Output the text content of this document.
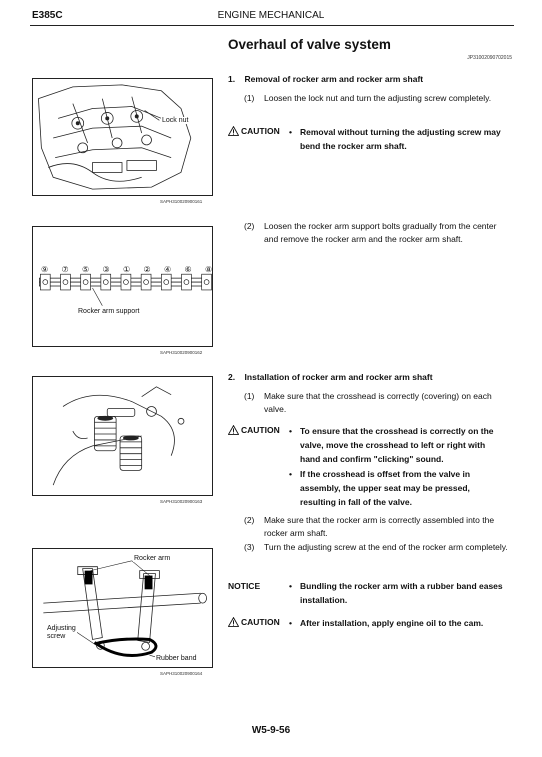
E385C	ENGINE MECHANICAL
Overhaul of valve system
JP31002090702015
Lock nut
SAPH310020900161
⑨ ⑦ ⑤ ③ ① ② ④ ⑥ ⑧
Rocker arm support
SAPH310020900162
SAPH310020900163
Rocker arm
Adjusting
screw
Rubber band
SAPH310020900164
1.    Removal of rocker arm and rocker arm shaft
(1) Loosen the lock nut and turn the adjusting screw completely.
CAUTION • Removal without turning the adjusting screw may bend the rocker arm shaft.
(2) Loosen the rocker arm support bolts gradually from the center and remove the rocker arm and the rocker arm shaft.
2.    Installation of rocker arm and rocker arm shaft
(1) Make sure that the crosshead is correctly (covering) on each valve.
CAUTION • To ensure that the crosshead is correctly on the valve, move the crosshead to left or right with hand and confirm "clicking" sound.
• If the crosshead is offset from the valve in assembly, the upper seat may be pressed, resulting in fall of the valve.
(2) Make sure that the rocker arm is correctly assembled into the rocker arm shaft.
(3) Turn the adjusting screw at the end of the rocker arm completely.
NOTICE	• Bundling the rocker arm with a rubber band eases installation.
CAUTION • After installation, apply engine oil to the cam.
W5-9-56
